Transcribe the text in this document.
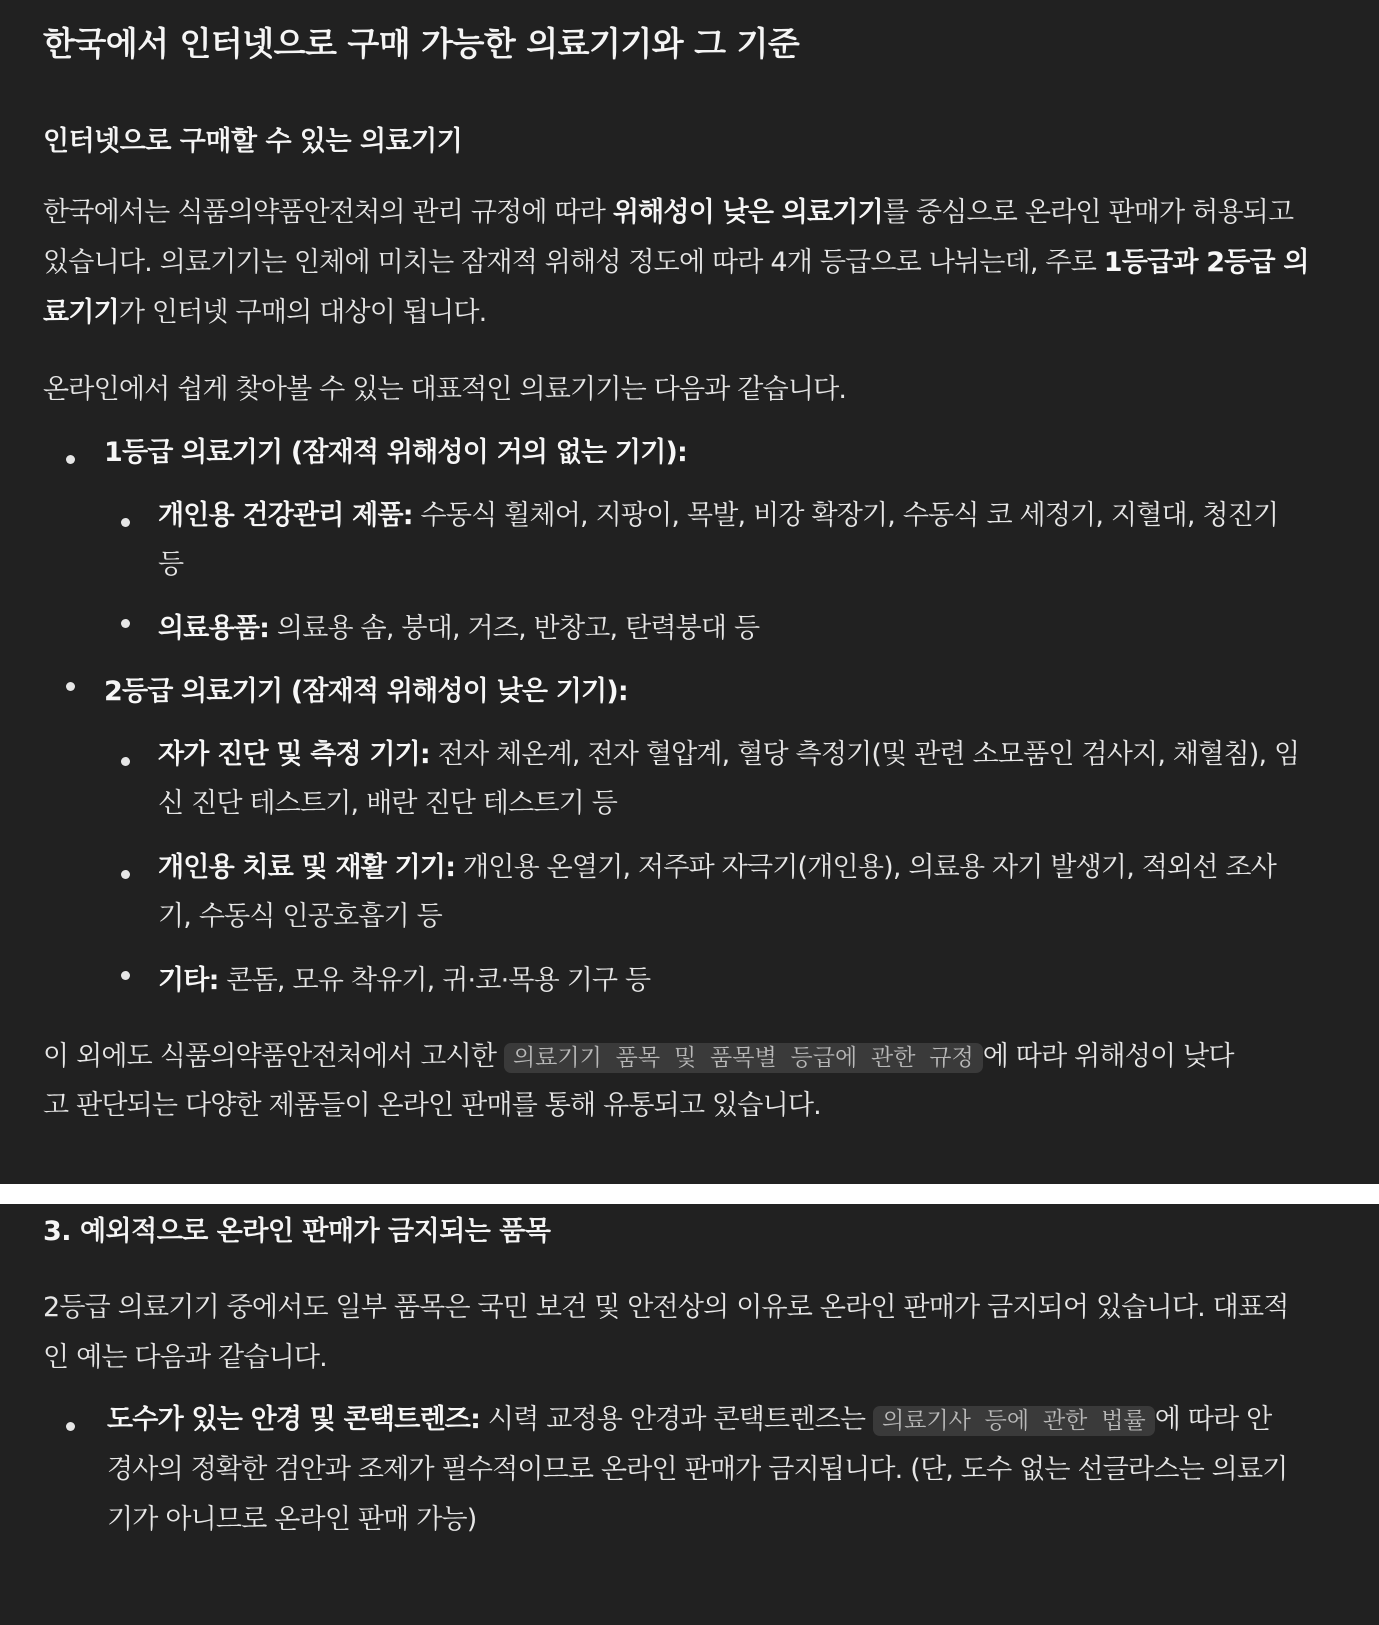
한국에서 인터넷으로 구매 가능한 의료기기와 그 기준
인터넷으로 구매할 수 있는 의료기기
한국에서는 식품의약품안전처의 관리 규정에 따라 위해성이 낮은 의료기기를 중심으로 온라인 판매가 허용되고
있습니다. 의료기기는 인체에 미치는 잠재적 위해성 정도에 따라 4개 등급으로 나뉘는데, 주로 1등급과 2등급 의
료기기가 인터넷 구매의 대상이 됩니다.
온라인에서 쉽게 찾아볼 수 있는 대표적인 의료기기는 다음과 같습니다.
1등급 의료기기 (잠재적 위해성이 거의 없는 기기):
개인용 건강관리 제품: 수동식 휠체어, 지팡이, 목발, 비강 확장기, 수동식 코 세정기, 지혈대, 청진기
등
의료용품: 의료용 솜, 붕대, 거즈, 반창고, 탄력붕대 등
2등급 의료기기 (잠재적 위해성이 낮은 기기):
자가 진단 및 측정 기기: 전자 체온계, 전자 혈압계, 혈당 측정기(및 관련 소모품인 검사지, 채혈침), 임
신 진단 테스트기, 배란 진단 테스트기 등
개인용 치료 및 재활 기기: 개인용 온열기, 저주파 자극기(개인용), 의료용 자기 발생기, 적외선 조사
기, 수동식 인공호흡기 등
기타: 콘돔, 모유 착유기, 귀·코·목용 기구 등
이 외에도 식품의약품안전처에서 고시한 의료기기 품목 및 품목별 등급에 관한 규정 에 따라 위해성이 낮다
고 판단되는 다양한 제품들이 온라인 판매를 통해 유통되고 있습니다.
3. 예외적으로 온라인 판매가 금지되는 품목
2등급 의료기기 중에서도 일부 품목은 국민 보건 및 안전상의 이유로 온라인 판매가 금지되어 있습니다. 대표적
인 예는 다음과 같습니다.
도수가 있는 안경 및 콘택트렌즈: 시력 교정용 안경과 콘택트렌즈는 의료기사 등에 관한 법률 에 따라 안
경사의 정확한 검안과 조제가 필수적이므로 온라인 판매가 금지됩니다. (단, 도수 없는 선글라스는 의료기
기가 아니므로 온라인 판매 가능)
